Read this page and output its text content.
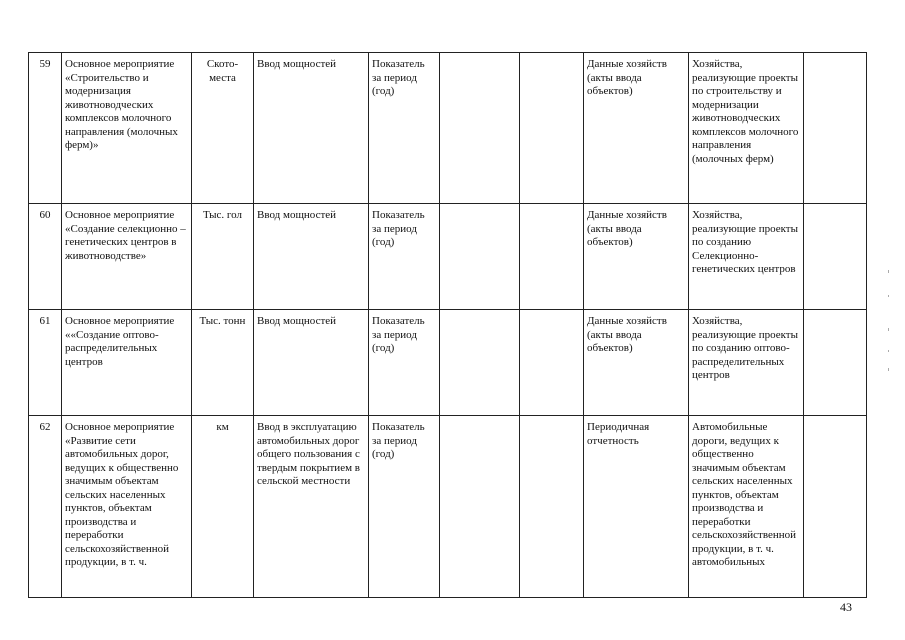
59	Основное мероприятие «Строительство и модернизация животноводческих комплексов молочного направления (молочных ферм)»	Ското-места	Ввод мощностей	Показатель за период (год)			Данные хозяйств (акты ввода объектов)	Хозяйства, реализующие проекты по строительству и модернизации животноводческих комплексов молочного направления (молочных ферм)	
60	Основное мероприятие «Создание селекционно – генетических центров в животноводстве»	Тыс. гол	Ввод мощностей	Показатель за период (год)			Данные хозяйств (акты ввода объектов)	Хозяйства, реализующие проекты по созданию Селекционно-генетических центров	
61	Основное мероприятие ««Создание оптово-распределительных центров	Тыс. тонн	Ввод мощностей	Показатель за период (год)			Данные хозяйств (акты ввода объектов)	Хозяйства, реализующие проекты по созданию оптово-распределительных центров	
62	Основное мероприятие «Развитие сети автомобильных дорог, ведущих к общественно значимым объектам сельских населенных пунктов, объектам производства и переработки сельскохозяйственной продукции, в т. ч.	км	Ввод в эксплуатацию автомобильных дорог общего пользования с твердым покрытием в сельской местности	Показатель за период (год)			Периодичная отчетность	Автомобильные дороги, ведущих к общественно значимым объектам сельских населенных пунктов, объектам производства и переработки сельскохозяйственной продукции, в т. ч. автомобильных	
43
